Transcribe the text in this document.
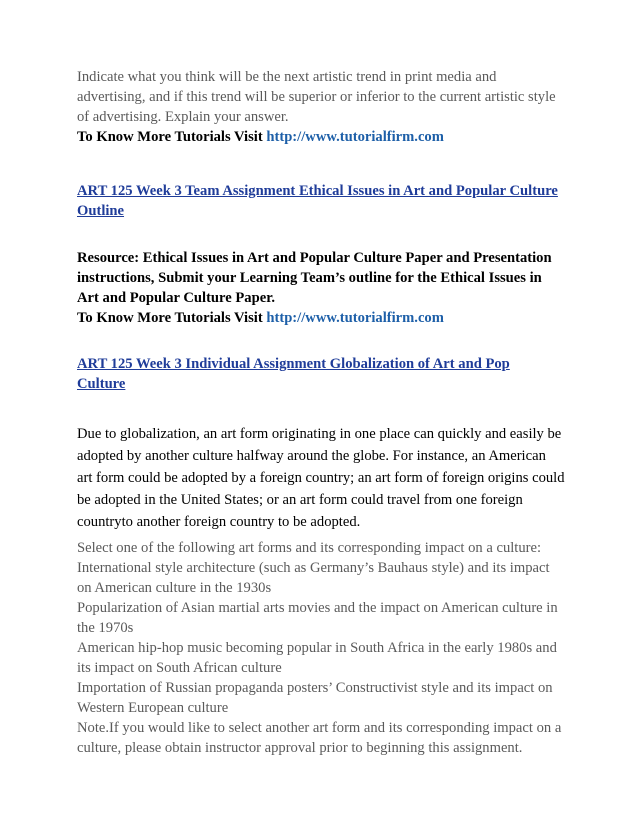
Indicate what you think will be the next artistic trend in print media and
advertising, and if this trend will be superior or inferior to the current artistic style
of advertising. Explain your answer.
To Know More Tutorials Visit http://www.tutorialfirm.com
ART 125 Week 3 Team Assignment Ethical Issues in Art and Popular Culture
Outline
Resource: Ethical Issues in Art and Popular Culture Paper and Presentation
instructions, Submit your Learning Team’s outline for the Ethical Issues in
Art and Popular Culture Paper.
To Know More Tutorials Visit http://www.tutorialfirm.com
ART 125 Week 3 Individual Assignment Globalization of Art and Pop
Culture
Due to globalization, an art form originating in one place can quickly and easily be
adopted by another culture halfway around the globe. For instance, an American
art form could be adopted by a foreign country; an art form of foreign origins could
be adopted in the United States; or an art form could travel from one foreign
countryto another foreign country to be adopted.
Select one of the following art forms and its corresponding impact on a culture:
International style architecture (such as Germany’s Bauhaus style) and its impact
on American culture in the 1930s
Popularization of Asian martial arts movies and the impact on American culture in
the 1970s
American hip-hop music becoming popular in South Africa in the early 1980s and
its impact on South African culture
Importation of Russian propaganda posters’ Constructivist style and its impact on
Western European culture
Note.If you would like to select another art form and its corresponding impact on a
culture, please obtain instructor approval prior to beginning this assignment.
